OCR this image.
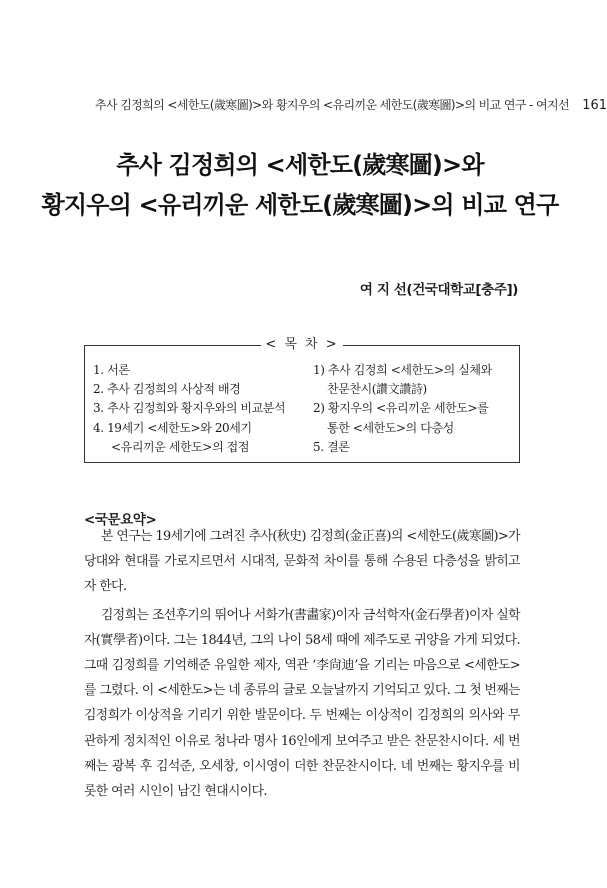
추사 김정희의 <세한도(歲寒圖)>와 황지우의 <유리끼운 세한도(歲寒圖)>의 비교 연구 - 여지선 161
추사 김정희의 <세한도(歲寒圖)>와
황지우의 <유리끼운 세한도(歲寒圖)>의 비교 연구
여 지 선(건국대학교[충주])
< 목 차 >
1. 서론
2. 추사 김정희의 사상적 배경
3. 추사 김정희와 황지우와의 비교분석
4. 19세기 <세한도>와 20세기
<유리끼운 세한도>의 접점
1) 추사 김정희 <세한도>의 실체와
찬문찬시(讚文讚詩)
2) 황지우의 <유리끼운 세한도>를
통한 <세한도>의 다층성
5. 결론
<국문요약>

본 연구는 19세기에 그려진 추사(秋史) 김정희(金正喜)의 <세한도(歲寒圖)>가 당대와 현대를 가로지르면서 시대적, 문화적 차이를 통해 수용된 다층성을 밝히고자 한다.

김정희는 조선후기의 뛰어나 서화가(書畵家)이자 금석학자(金石學者)이자 실학자(實學者)이다. 그는 1844년, 그의 나이 58세 때에 제주도로 귀양을 가게 되었다. 그때 김정희를 기억해준 유일한 제자, 역관 ‘李尙迪’을 기리는 마음으로 <세한도>를 그렸다. 이 <세한도>는 네 종류의 글로 오늘날까지 기억되고 있다. 그 첫 번째는 김정희가 이상적을 기리기 위한 발문이다. 두 번째는 이상적이 김정희의 의사와 무관하게 정치적인 이유로 청나라 명사 16인에게 보여주고 받은 찬문찬시이다. 세 번째는 광복 후 김석준, 오세창, 이시영이 더한 찬문찬시이다. 네 번째는 황지우를 비롯한 여러 시인이 남긴 현대시이다.
